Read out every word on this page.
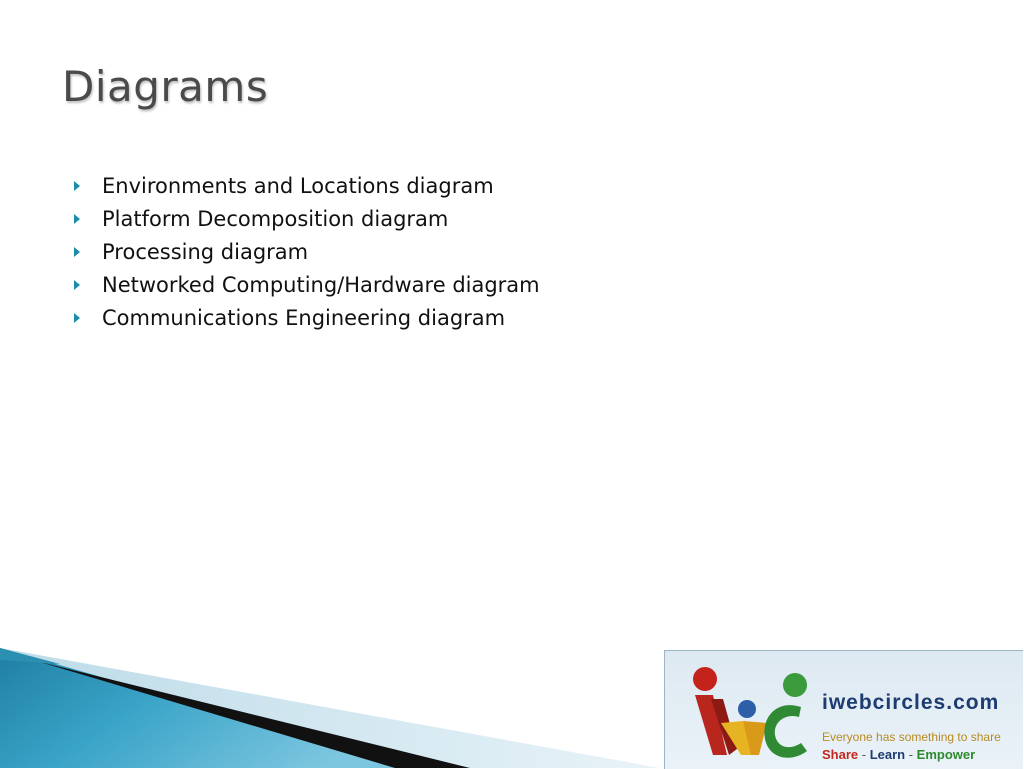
Diagrams
Environments and Locations diagram
Platform Decomposition diagram
Processing diagram
Networked Computing/Hardware diagram
Communications Engineering diagram
iwebcircles.com
Everyone has something to share
Share - Learn - Empower
